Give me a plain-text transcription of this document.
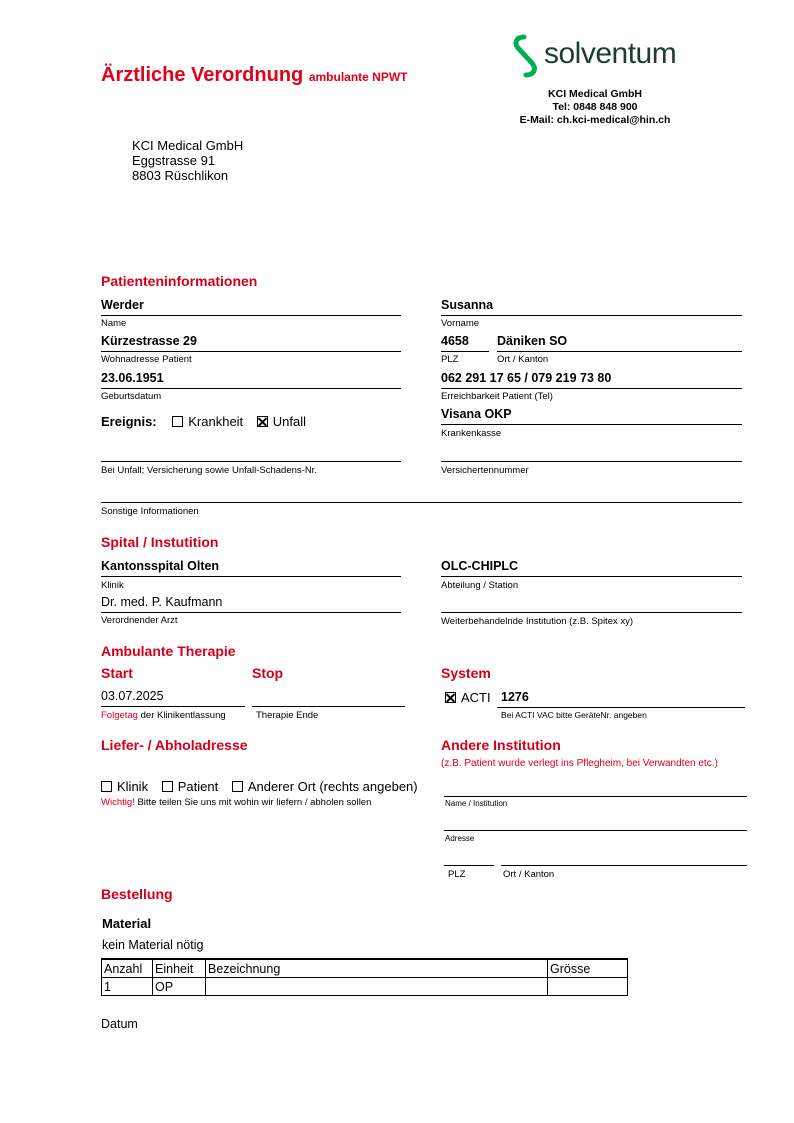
Ärztliche Verordnung ambulante NPWT
solventum
KCI Medical GmbH
Tel: 0848 848 900
E-Mail: ch.kci-medical@hin.ch
KCI Medical GmbH
Eggstrasse 91
8803 Rüschlikon
Patienteninformationen
Werder
Name
Susanna
Vorname
Kürzestrasse 29
Wohnadresse Patient
4658
PLZ
Däniken SO
Ort / Kanton
23.06.1951
Geburtsdatum
062 291 17 65 / 079 219 73 80
Erreichbarkeit Patient (Tel)
Ereignis: Krankheit Unfall	Visana OKP
Krankenkasse
Bei Unfall; Versicherung sowie Unfall-Schadens-Nr.	Versichertennummer
Sonstige Informationen
Spital / Instutition
Kantonsspital Olten
Klinik
OLC-CHIPLC
Abteilung / Station
Dr. med. P. Kaufmann
Verordnender Arzt	Weiterbehandelnde Institution (z.B. Spitex xy)
Ambulante Therapie
Start	Stop	System
03.07.2025
Folgetag der Klinikentlassung	Therapie Ende
ACTI 1276
Bei ACTI VAC bitte GeräteNr. angeben
Liefer- / Abholadresse
Klinik Patient Anderer Ort (rechts angeben)
Wichtig! Bitte teilen Sie uns mit wohin wir liefern / abholen sollen
Andere Institution
(z.B. Patient wurde verlegt ins Pflegheim, bei Verwandten etc.)
Name / Institution
Adresse
PLZ	Ort / Kanton
Bestellung
Material
kein Material nötig
Anzahl	Einheit	Bezeichnung	Grösse
1	OP		
Datum
